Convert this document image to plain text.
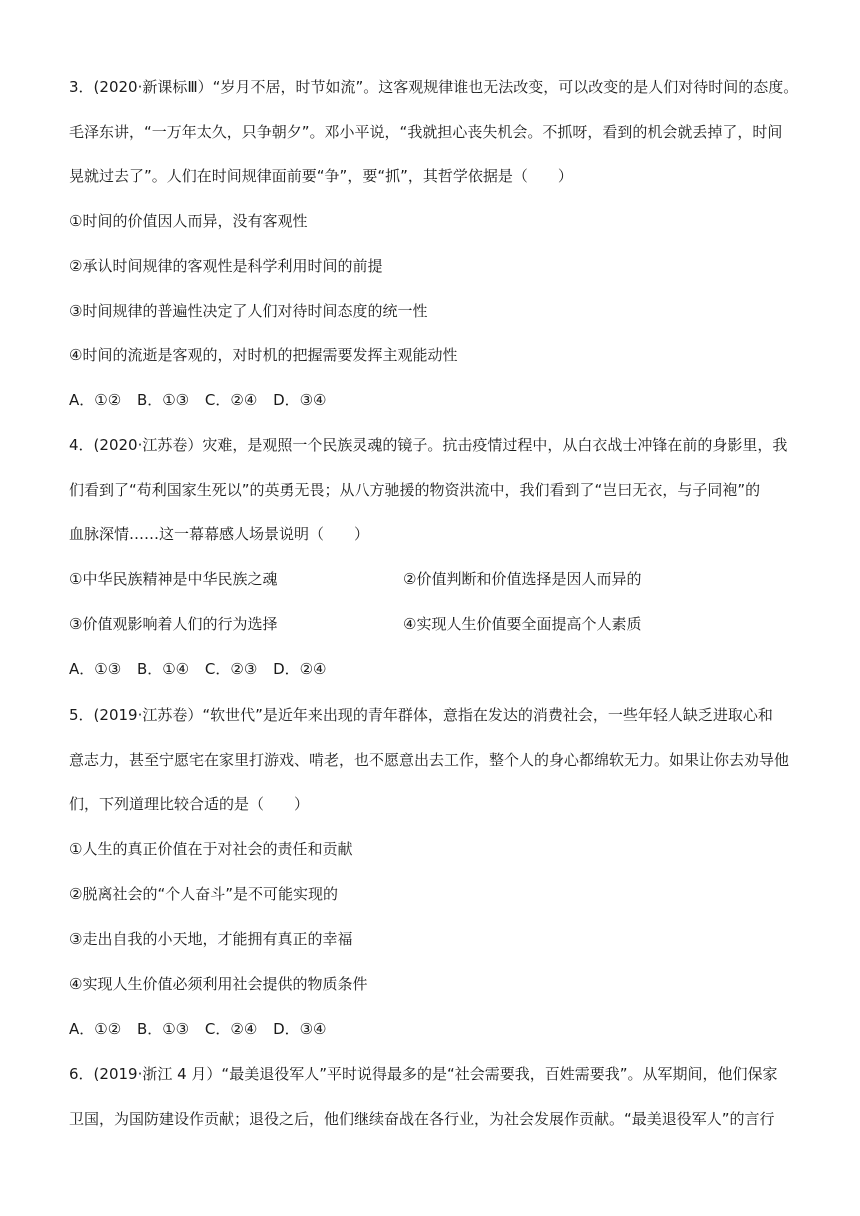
3．(2020·新课标Ⅲ）“岁月不居，时节如流”。这客观规律谁也无法改变，可以改变的是人们对待时间的态度。
毛泽东讲，“一万年太久，只争朝夕”。邓小平说，“我就担心丧失机会。不抓呀，看到的机会就丢掉了，时间
晃就过去了”。人们在时间规律面前要“争”，要“抓”，其哲学依据是（　　）
①时间的价值因人而异，没有客观性
②承认时间规律的客观性是科学利用时间的前提
③时间规律的普遍性决定了人们对待时间态度的统一性
④时间的流逝是客观的，对时机的把握需要发挥主观能动性
A．①② B．①③ C．②④ D．③④
4．(2020·江苏卷）灾难，是观照一个民族灵魂的镜子。抗击疫情过程中，从白衣战士冲锋在前的身影里，我
们看到了“苟利国家生死以”的英勇无畏；从八方驰援的物资洪流中，我们看到了“岂曰无衣，与子同袍”的
血脉深情……这一幕幕感人场景说明（　　）
①中华民族精神是中华民族之魂	②价值判断和价值选择是因人而异的
③价值观影响着人们的行为选择	④实现人生价值要全面提高个人素质
A．①③ B．①④ C．②③ D．②④
5．(2019·江苏卷）“软世代”是近年来出现的青年群体，意指在发达的消费社会，一些年轻人缺乏进取心和
意志力，甚至宁愿宅在家里打游戏、啃老，也不愿意出去工作，整个人的身心都绵软无力。如果让你去劝导他
们，下列道理比较合适的是（　　）
①人生的真正价值在于对社会的责任和贡献
②脱离社会的“个人奋斗”是不可能实现的
③走出自我的小天地，才能拥有真正的幸福
④实现人生价值必须利用社会提供的物质条件
A．①② B．①③ C．②④ D．③④
6．(2019·浙江 4 月）“最美退役军人”平时说得最多的是“社会需要我，百姓需要我”。从军期间，他们保家
卫国，为国防建设作贡献；退役之后，他们继续奋战在各行业，为社会发展作贡献。“最美退役军人”的言行
